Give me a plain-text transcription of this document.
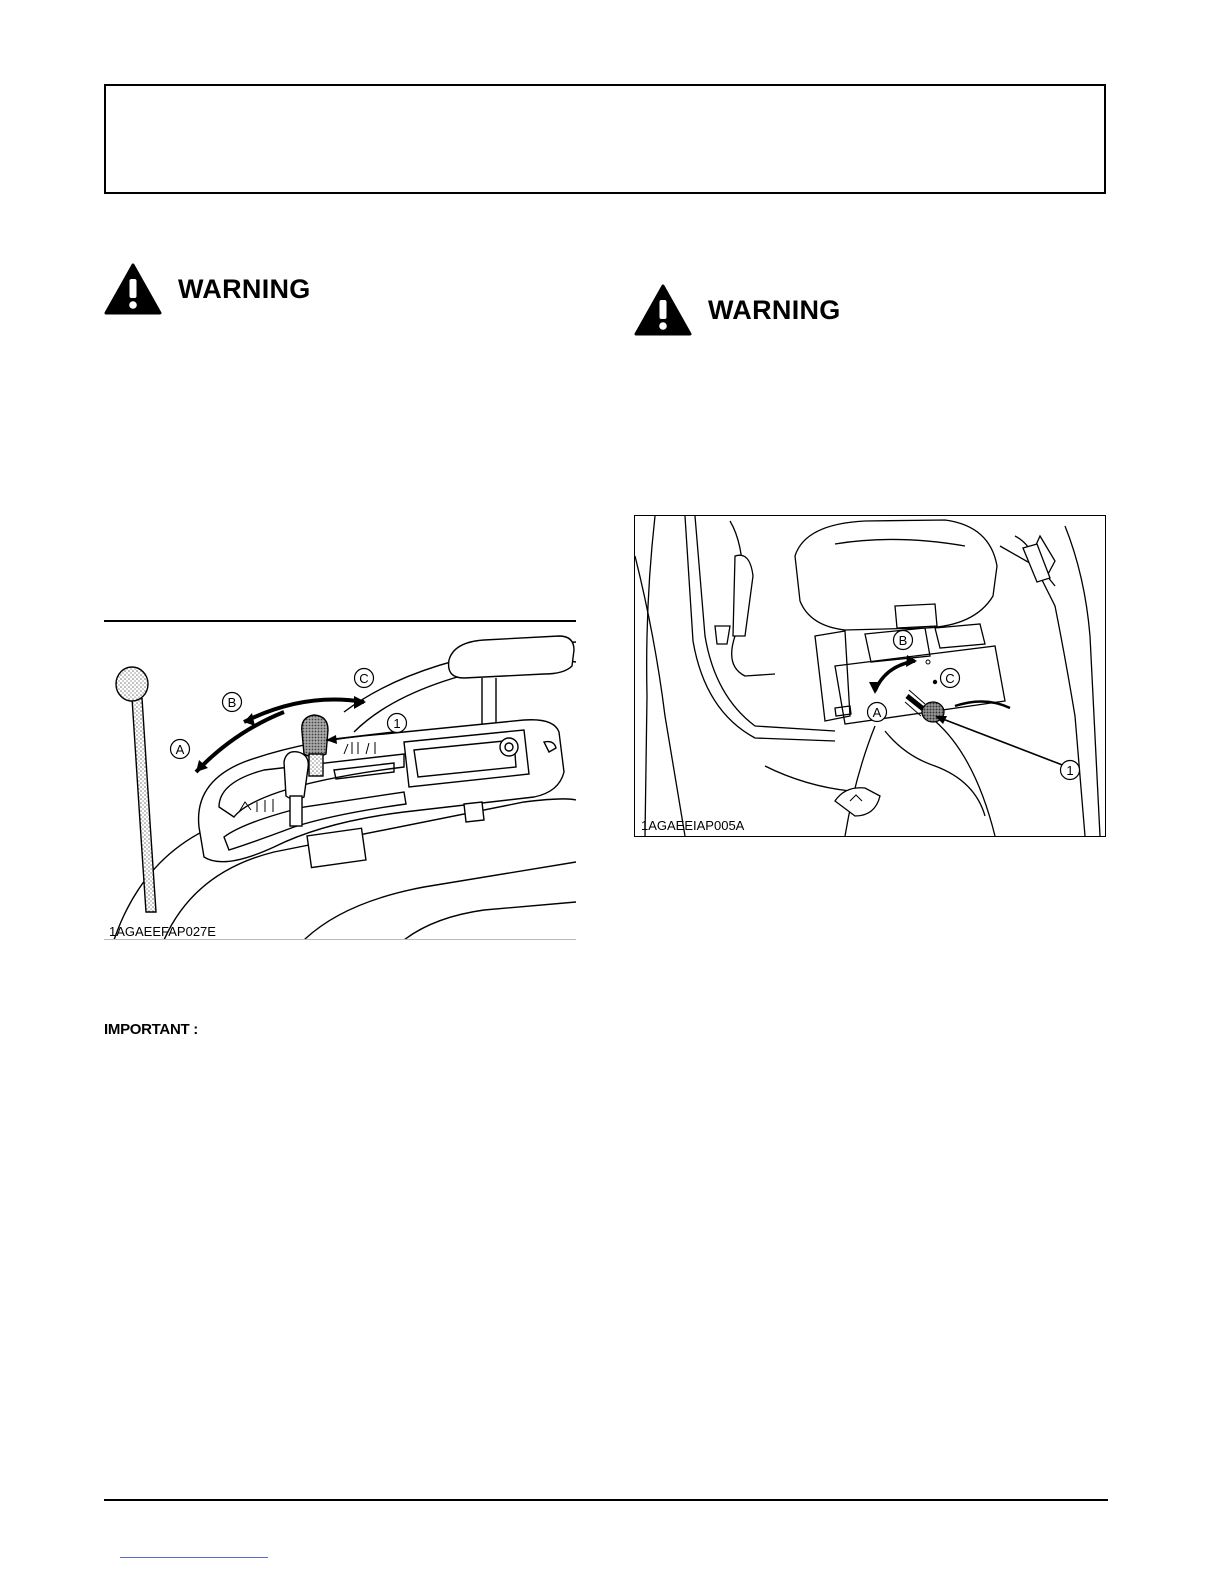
WARNING
WARNING
A
B
C
1
1AGAEEFAP027E
A
B
C
1
1AGAEEIAP005A
IMPORTANT :
